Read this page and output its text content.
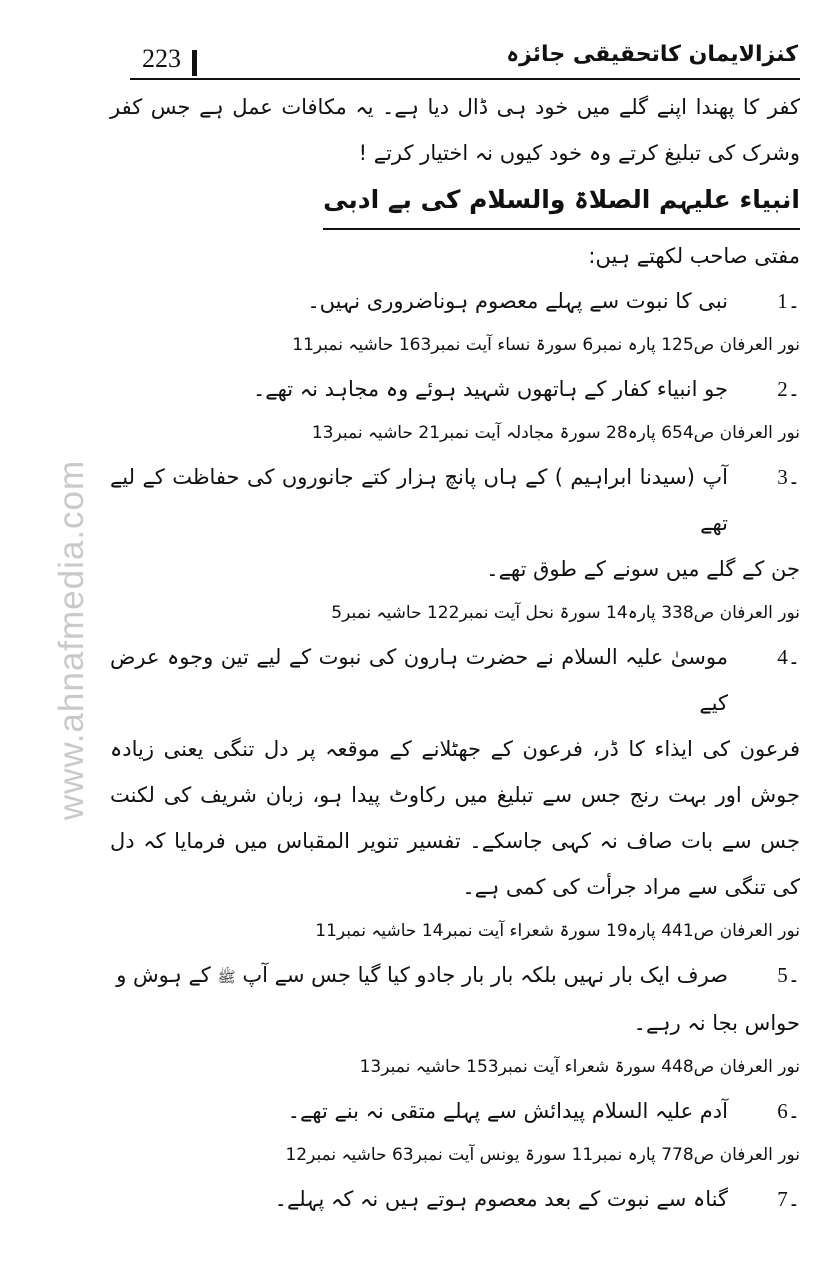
www.ahnafmedia.com
223	کنزالایمان کاتحقیقی جائزہ

کفر کا پھندا اپنے گلے میں خود ہی ڈال دیا ہے۔ یہ مکافات عمل ہے جس کفر وشرک کی تبلیغ کرتے وہ خود کیوں نہ اختیار کرتے !

انبیاء علیہم الصلاۃ والسلام کی بے ادبی
مفتی صاحب لکھتے ہیں:
1۔
نبی کا نبوت سے پہلے معصوم ہوناضروری نہیں۔
نور العرفان ص125 پارہ نمبر6 سورۃ نساء آیت نمبر163 حاشیہ نمبر11
2۔
جو انبیاء کفار کے ہاتھوں شہید ہوئے وہ مجاہد نہ تھے۔
نور العرفان ص654 پارہ28 سورۃ مجادلہ آیت نمبر21 حاشیہ نمبر13
3۔
آپ (سیدنا ابراہیم ) کے ہاں پانچ ہزار کتے جانوروں کی حفاظت کے لیے تھے
جن کے گلے میں سونے کے طوق تھے۔
نور العرفان ص338 پارہ14 سورۃ نحل آیت نمبر122 حاشیہ نمبر5
4۔
موسیٰ علیہ السلام نے حضرت ہارون کی نبوت کے لیے تین وجوہ عرض کیے
فرعون کی ایذاء کا ڈر، فرعون کے جھٹلانے کے موقعہ پر دل تنگی یعنی زیادہ جوش اور بہت رنج جس سے تبلیغ میں رکاوٹ پیدا ہو، زبان شریف کی لکنت جس سے بات صاف نہ کہی جاسکے۔ تفسیر تنویر المقباس میں فرمایا کہ دل کی تنگی سے مراد جرأت کی کمی ہے۔
نور العرفان ص441 پارہ19 سورۃ شعراء آیت نمبر14 حاشیہ نمبر11
5۔
صرف ایک بار نہیں بلکہ بار بار جادو کیا گیا جس سے آپ ﷺ کے ہوش و
حواس بجا نہ رہے۔
نور العرفان ص448 سورۃ شعراء آیت نمبر153 حاشیہ نمبر13
6۔
آدم علیہ السلام پیدائش سے پہلے متقی نہ بنے تھے۔
نور العرفان ص778 پارہ نمبر11 سورۃ یونس آیت نمبر63 حاشیہ نمبر12
7۔
گناہ سے نبوت کے بعد معصوم ہوتے ہیں نہ کہ پہلے۔
